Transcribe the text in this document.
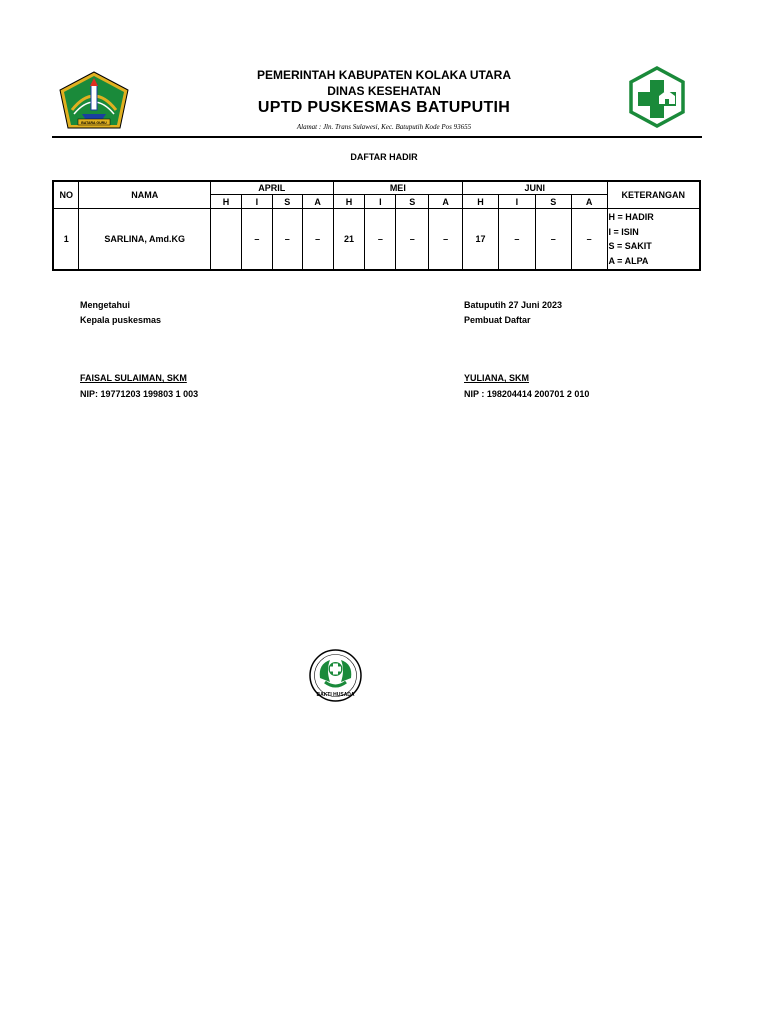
BATARA GURU
PEMERINTAH KABUPATEN KOLAKA UTARA
DINAS KESEHATAN
UPTD PUSKESMAS BATUPUTIH
Alamat : Jln. Trans Sulawesi, Kec. Batuputih Kode Pos 93655
DAFTAR HADIR
NO	NAMA	APRIL				MEI				JUNI				KETERANGAN
		H	I	S	A	H	I	S	A	H	I	S	A	
1	SARLINA, Amd.KG		–	–	–	21	–	–	–	17	–	–	–	H = HADIR
I = ISIN
S = SAKIT
A = ALPA
Mengetahui
Kepala puskesmas
FAISAL SULAIMAN, SKM
NIP: 19771203 199803 1 003
Batuputih 27 Juni 2023
Pembuat Daftar
YULIANA, SKM
NIP : 198204414 200701 2 010
BAKTI HUSADA
